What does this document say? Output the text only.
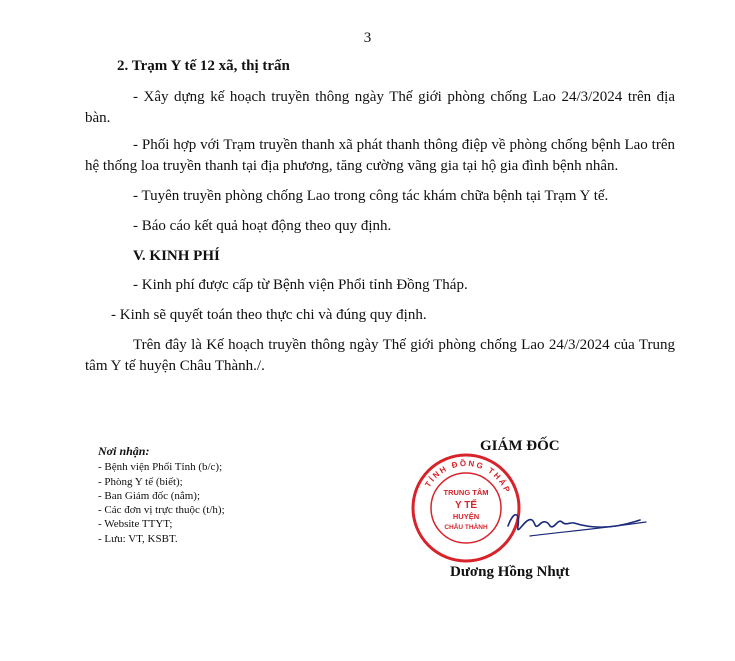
3
2. Trạm Y tế 12 xã, thị trấn

- Xây dựng kế hoạch truyền thông ngày Thế giới phòng chống Lao 24/3/2024 trên địa bàn.

- Phối hợp với Trạm truyền thanh xã phát thanh thông điệp về phòng chống bệnh Lao trên hệ thống loa truyền thanh tại địa phương, tăng cường vãng gia tại hộ gia đình bệnh nhân.

- Tuyên truyền phòng chống Lao trong công tác khám chữa bệnh tại Trạm Y tế.

- Báo cáo kết quả hoạt động theo quy định.

V. KINH PHÍ

- Kinh phí được cấp từ Bệnh viện Phổi tỉnh Đồng Tháp.

- Kinh sẽ quyết toán theo thực chi và đúng quy định.

Trên đây là Kế hoạch truyền thông ngày Thế giới phòng chống Lao 24/3/2024 của Trung tâm Y tế huyện Châu Thành./.

Nơi nhận:
- Bệnh viện Phổi Tỉnh (b/c);
- Phòng Y tế (biết);
- Ban Giám đốc (nắm);
- Các đơn vị trực thuộc (t/h);
- Website TTYT;
- Lưu: VT, KSBT.
GIÁM ĐỐC
TỈNH ĐỒNG THÁP
TRUNG TÂM
Y TẾ
HUYỆN
CHÂU THÀNH
Dương Hồng Nhựt
